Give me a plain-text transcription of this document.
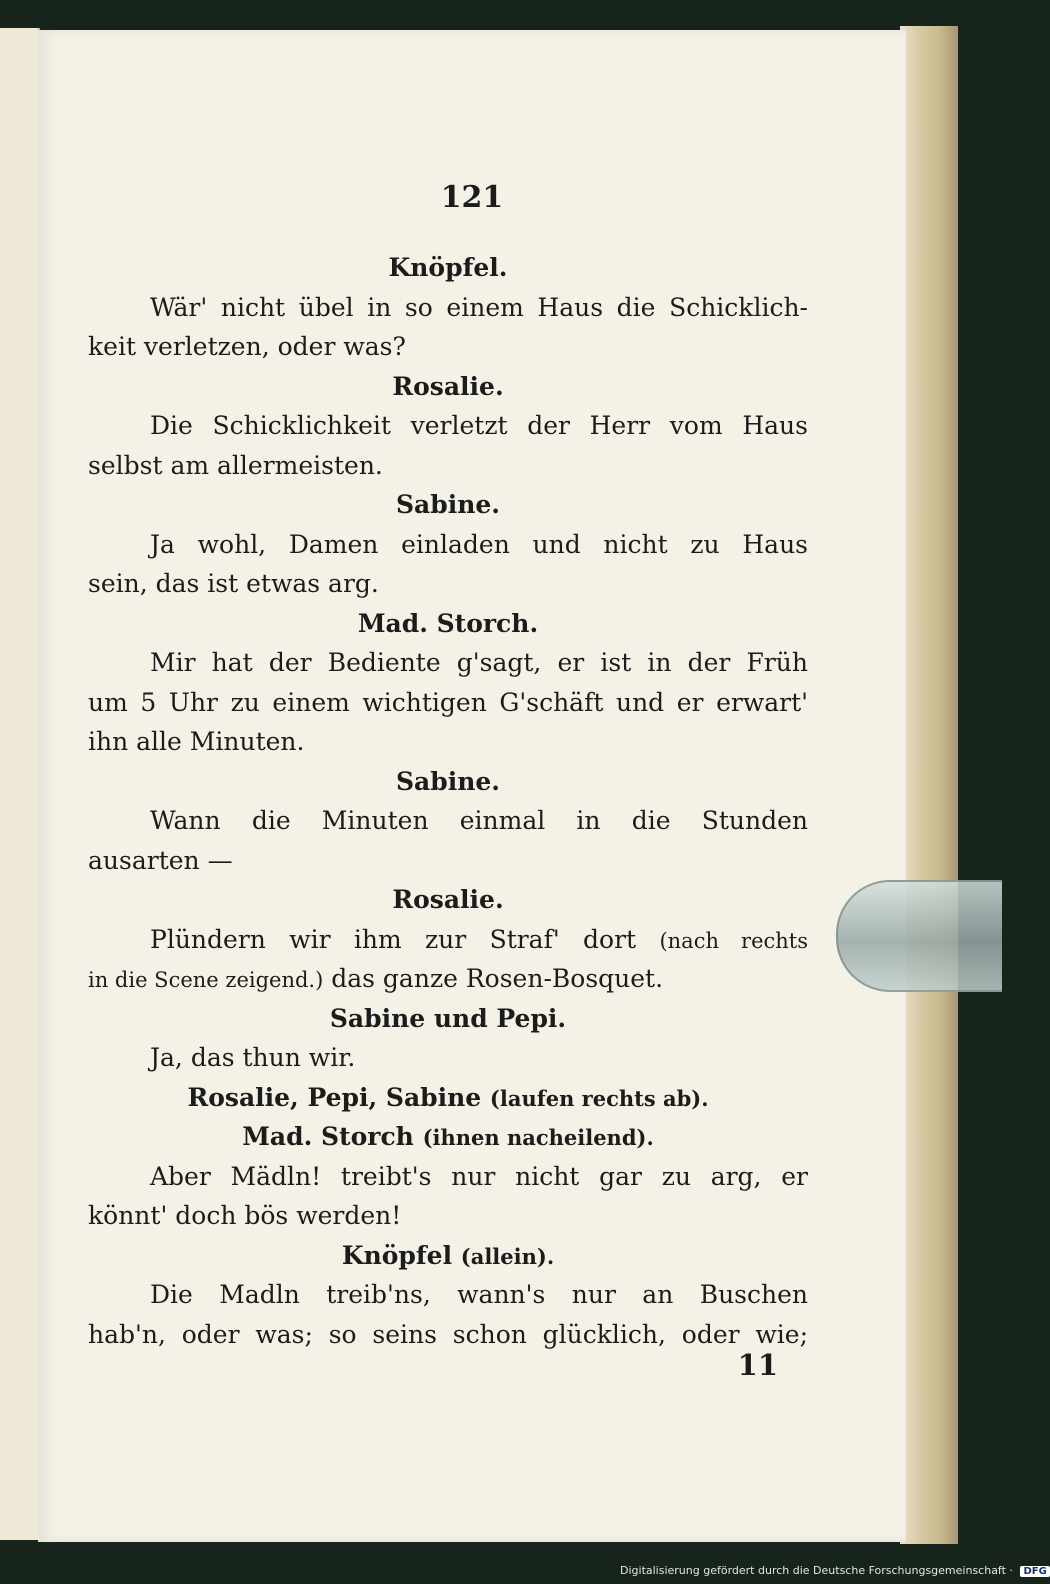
121
Knöpfel.
Wär' nicht übel in so einem Haus die Schicklich-
keit verletzen, oder was?
Rosalie.
Die Schicklichkeit verletzt der Herr vom Haus
selbst am allermeisten.
Sabine.
Ja wohl, Damen einladen und nicht zu Haus
sein, das ist etwas arg.
Mad. Storch.
Mir hat der Bediente g'sagt, er ist in der Früh
um 5 Uhr zu einem wichtigen G'schäft und er erwart'
ihn alle Minuten.
Sabine.
Wann die Minuten einmal in die Stunden
ausarten —
Rosalie.
Plündern wir ihm zur Straf' dort (nach rechts
in die Scene zeigend.) das ganze Rosen-Bosquet.
Sabine und Pepi.
Ja, das thun wir.
Rosalie, Pepi, Sabine (laufen rechts ab).
Mad. Storch (ihnen nacheilend).
Aber Mädln! treibt's nur nicht gar zu arg, er
könnt' doch bös werden!
Knöpfel (allein).
Die Madln treib'ns, wann's nur an Buschen
hab'n, oder was; so seins schon glücklich, oder wie;
11
Digitalisierung gefördert durch die Deutsche Forschungsgemeinschaft · DFG
